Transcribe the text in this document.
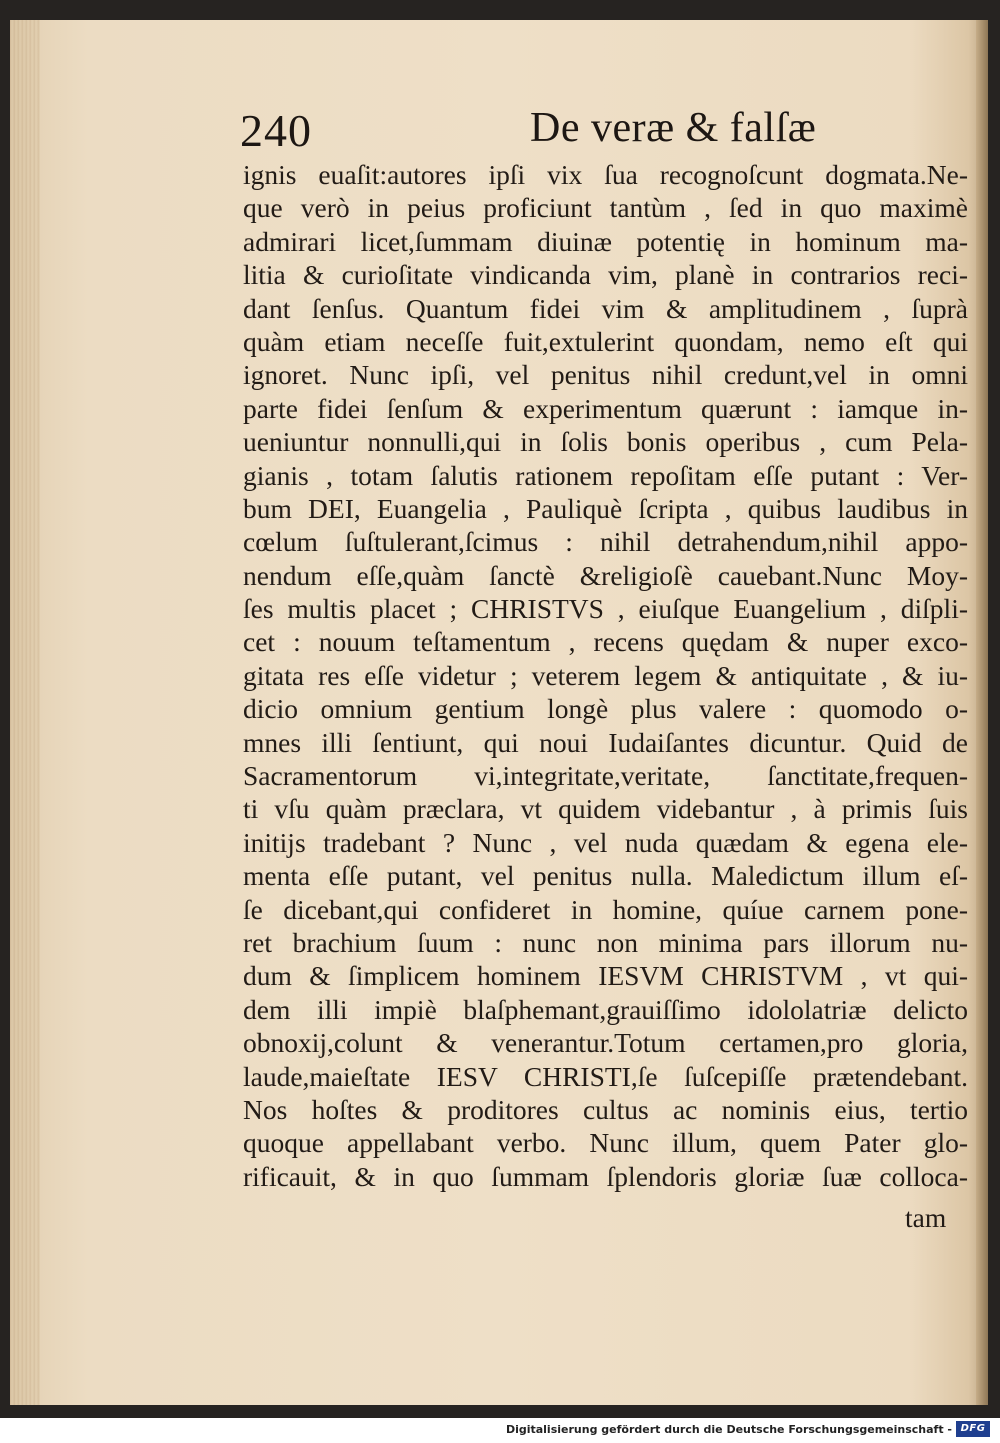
240	De veræ & falſæ
ignis euaſit:autores ipſi vix ſua recognoſcunt dogmata.Ne-
que verò in peius proficiunt tantùm , ſed in quo maximè
admirari licet,ſummam diuinæ potentię in hominum ma-
litia & curioſitate vindicanda vim, planè in contrarios reci-
dant ſenſus. Quantum fidei vim & amplitudinem , ſuprà
quàm etiam neceſſe fuit,extulerint quondam, nemo eſt qui
ignoret. Nunc ipſi, vel penitus nihil credunt,vel in omni
parte fidei ſenſum & experimentum quærunt : iamque in-
ueniuntur nonnulli,qui in ſolis bonis operibus , cum Pela-
gianis , totam ſalutis rationem repoſitam eſſe putant : Ver-
bum DEI, Euangelia , Pauliquè ſcripta , quibus laudibus in
cœlum ſuſtulerant,ſcimus : nihil detrahendum,nihil appo-
nendum eſſe,quàm ſanctè &religioſè cauebant.Nunc Moy-
ſes multis placet ; CHRISTVS , eiuſque Euangelium , diſpli-
cet : nouum teſtamentum , recens quędam & nuper exco-
gitata res eſſe videtur ; veterem legem & antiquitate , & iu-
dicio omnium gentium longè plus valere : quomodo o-
mnes illi ſentiunt, qui noui Iudaiſantes dicuntur. Quid de
Sacramentorum vi,integritate,veritate, ſanctitate,frequen-
ti vſu quàm præclara, vt quidem videbantur , à primis ſuis
initijs tradebant ? Nunc , vel nuda quædam & egena ele-
menta eſſe putant, vel penitus nulla. Maledictum illum eſ-
ſe dicebant,qui confideret in homine, quíue carnem pone-
ret brachium ſuum : nunc non minima pars illorum nu-
dum & ſimplicem hominem IESVM CHRISTVM , vt qui-
dem illi impiè blaſphemant,grauiſſimo idololatriæ delicto
obnoxij,colunt & venerantur.Totum certamen,pro gloria,
laude,maieſtate IESV CHRISTI,ſe ſuſcepiſſe prætendebant.
Nos hoſtes & proditores cultus ac nominis eius, tertio
quoque appellabant verbo. Nunc illum, quem Pater glo-
rificauit, & in quo ſummam ſplendoris gloriæ ſuæ colloca-
tam
Digitalisierung gefördert durch die Deutsche Forschungsgemeinschaft - DFG
